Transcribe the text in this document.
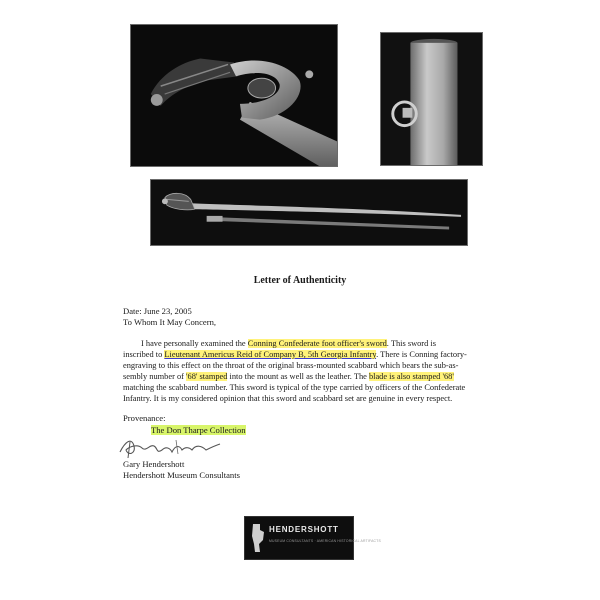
Letter of Authenticity
Date: June 23, 2005
To Whom It May Concern,
I have personally examined the Conning Confederate foot officer's sword. This sword is
inscribed to Lieutenant Americus Reid of Company B, 5th Georgia Infantry. There is Conning factory-
engraving to this effect on the throat of the original brass-mounted scabbard which bears the sub-as-
sembly number of '68' stamped into the mount as well as the leather. The blade is also stamped '68'
matching the scabbard number. This sword is typical of the type carried by officers of the Confederate
Infantry. It is my considered opinion that this sword and scabbard set are genuine in every respect.
Provenance:
The Don Tharpe Collection
Gary Hendershott
Hendershott Museum Consultants
HENDERSHOTT
MUSEUM CONSULTANTS · AMERICAN HISTORICAL ARTIFACTS
